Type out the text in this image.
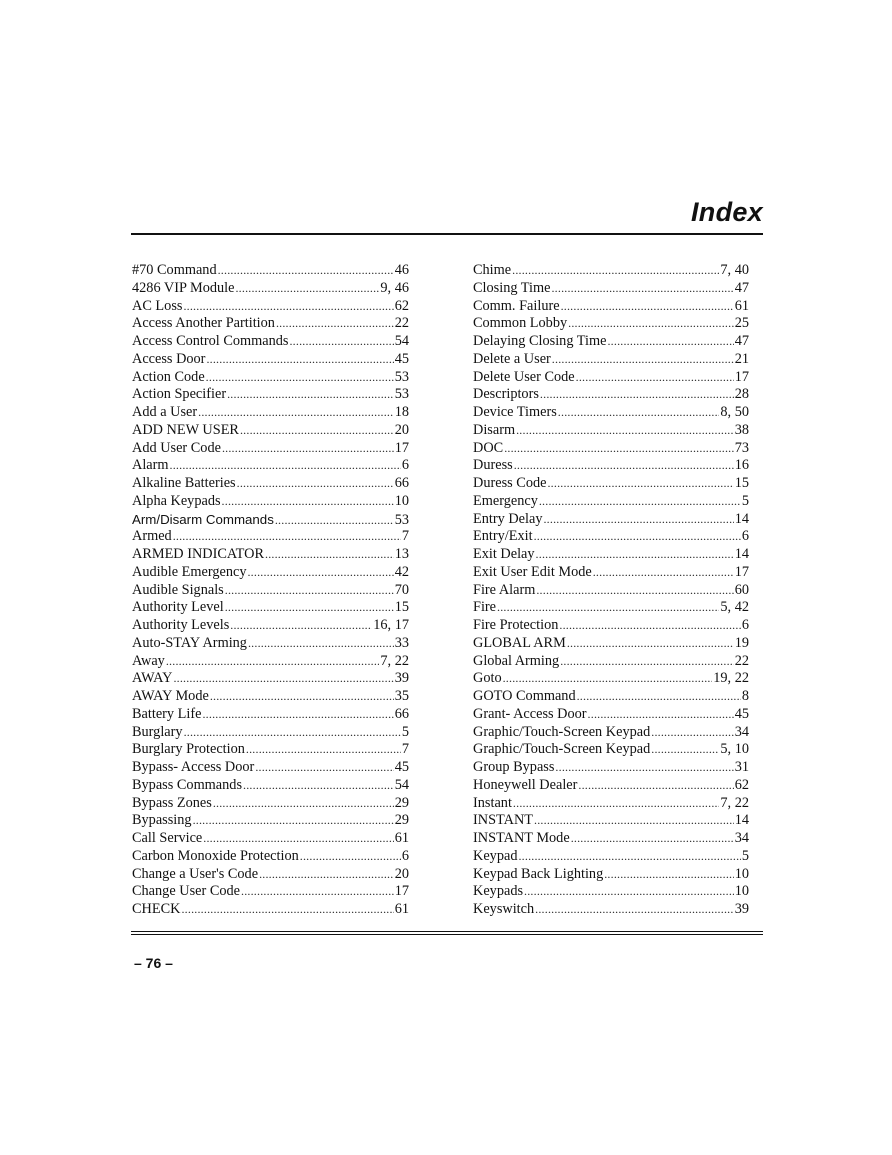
Index
#70 Command .....	46
4286 VIP Module .....	9, 46
AC Loss .....	62
Access Another Partition .....	22
Access Control Commands .....	54
Access Door .....	45
Action Code .....	53
Action Specifier .....	53
Add a User .....	18
ADD NEW USER .....	20
Add User Code .....	17
Alarm .....	6
Alkaline Batteries .....	66
Alpha Keypads .....	10
Arm/Disarm Commands .....	53
Armed .....	7
ARMED INDICATOR .....	13
Audible Emergency .....	42
Audible Signals .....	70
Authority Level .....	15
Authority Levels .....	16, 17
Auto-STAY Arming .....	33
Away .....	7, 22
AWAY .....	39
AWAY Mode .....	35
Battery Life .....	66
Burglary .....	5
Burglary Protection .....	7
Bypass- Access Door .....	45
Bypass Commands .....	54
Bypass Zones .....	29
Bypassing .....	29
Call Service .....	61
Carbon Monoxide Protection .....	6
Change a User's Code .....	20
Change User Code .....	17
CHECK .....	61
Chime .....	7, 40
Closing Time .....	47
Comm. Failure .....	61
Common Lobby .....	25
Delaying Closing Time .....	47
Delete a User .....	21
Delete User Code .....	17
Descriptors .....	28
Device Timers .....	8, 50
Disarm .....	38
DOC .....	73
Duress .....	16
Duress Code .....	15
Emergency .....	5
Entry Delay .....	14
Entry/Exit .....	6
Exit Delay .....	14
Exit User Edit Mode .....	17
Fire Alarm .....	60
Fire .....	5, 42
Fire Protection .....	6
GLOBAL ARM .....	19
Global Arming .....	22
Goto .....	19, 22
GOTO Command .....	8
Grant- Access Door .....	45
Graphic/Touch-Screen Keypad .....	34
Graphic/Touch-Screen Keypad .....	5, 10
Group Bypass .....	31
Honeywell Dealer .....	62
Instant .....	7, 22
INSTANT .....	14
INSTANT Mode .....	34
Keypad .....	5
Keypad Back Lighting .....	10
Keypads .....	10
Keyswitch .....	39
– 76 –
